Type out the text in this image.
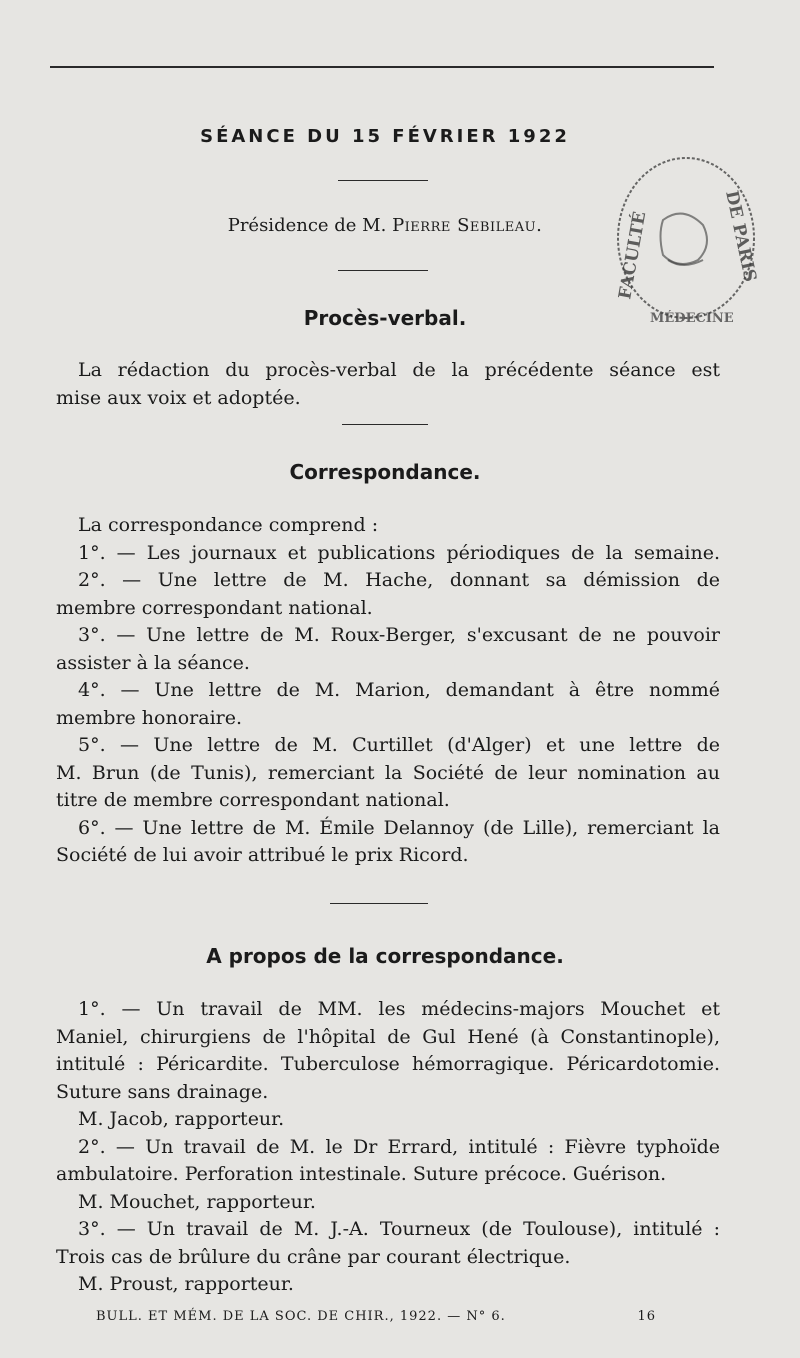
SÉANCE DU 15 FÉVRIER 1922
Présidence de M. Pierre Sebileau.	FACULTÉ	DE PARIS
MÉDECINE
Procès-verbal.
La rédaction du procès-verbal de la précédente séance est
mise aux voix et adoptée.
Correspondance.
La correspondance comprend :
1°. — Les journaux et publications périodiques de la semaine.
2°. — Une lettre de M. Hache, donnant sa démission de
membre correspondant national.
3°. — Une lettre de M. Roux-Berger, s'excusant de ne pouvoir
assister à la séance.
4°. — Une lettre de M. Marion, demandant à être nommé
membre honoraire.
5°. — Une lettre de M. Curtillet (d'Alger) et une lettre de
M. Brun (de Tunis), remerciant la Société de leur nomination au
titre de membre correspondant national.
6°. — Une lettre de M. Émile Delannoy (de Lille), remerciant la
Société de lui avoir attribué le prix Ricord.
A propos de la correspondance.
1°. — Un travail de MM. les médecins-majors Mouchet et
Maniel, chirurgiens de l'hôpital de Gul Hené (à Constantinople),
intitulé : Péricardite. Tuberculose hémorragique. Péricardotomie.
Suture sans drainage.
M. Jacob, rapporteur.
2°. — Un travail de M. le Dr Errard, intitulé : Fièvre typhoïde
ambulatoire. Perforation intestinale. Suture précoce. Guérison.
M. Mouchet, rapporteur.
3°. — Un travail de M. J.-A. Tourneux (de Toulouse), intitulé :
Trois cas de brûlure du crâne par courant électrique.
M. Proust, rapporteur.
BULL. ET MÉM. DE LA SOC. DE CHIR., 1922. — N° 6.	16
